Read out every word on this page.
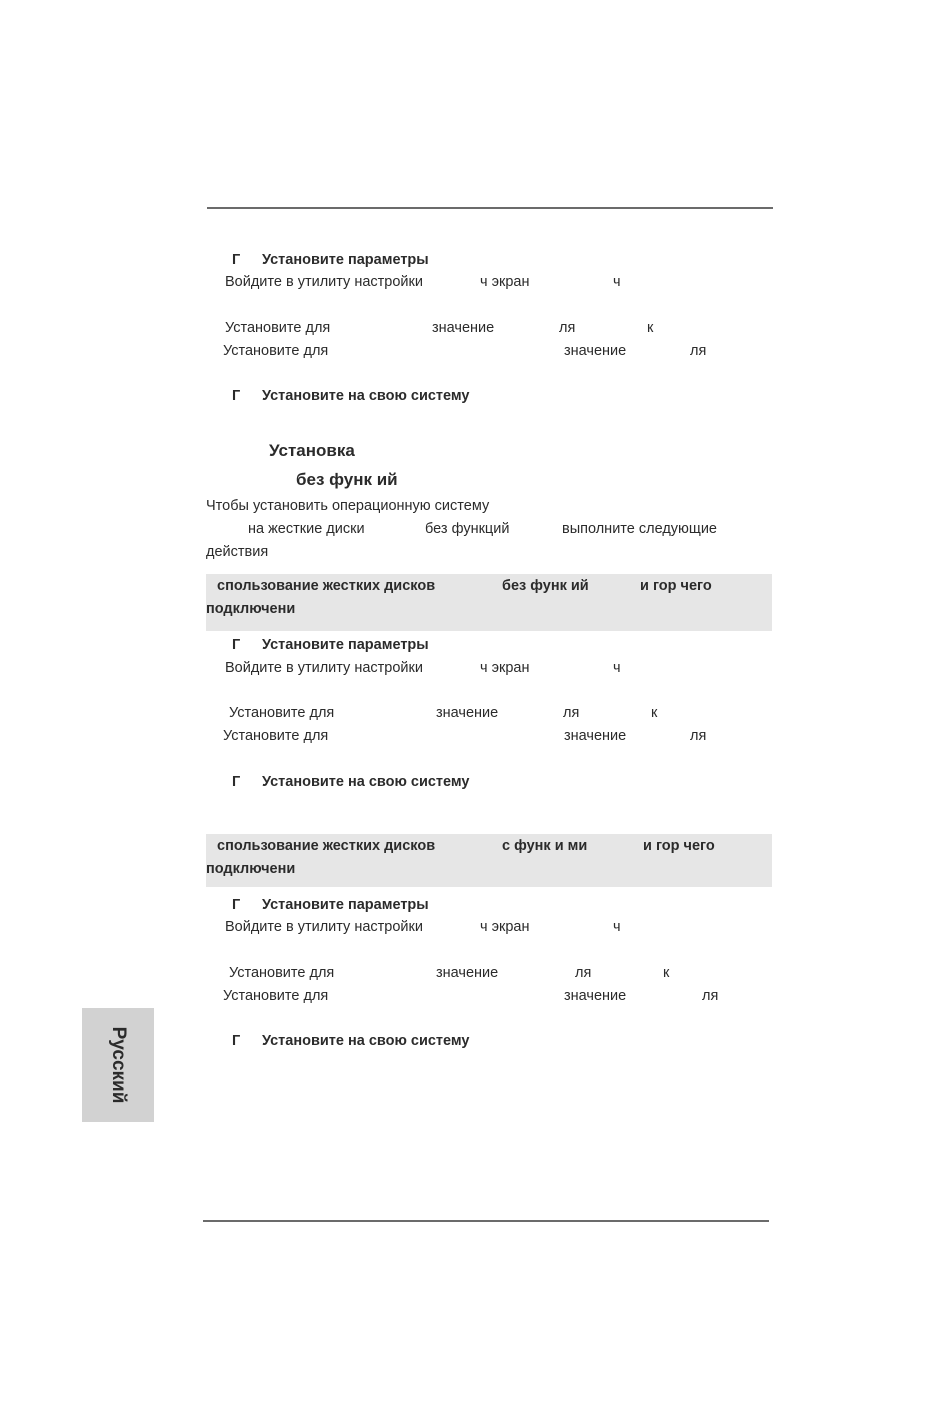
Г Установите параметры
Войдите в утилиту настройки	ч экран	ч
Установите для	значение	ля	к
Установите для	значение	ля
Г Установите на свою систему
Установка
без функ ий
Чтобы установить операционную систему
на жесткие диски	без функций	выполните следующие
действия
спользование жестких дисков	без функ ий	и гор чего
подключени
Г Установите параметры
Войдите в утилиту настройки	ч экран	ч
Установите для	значение	ля	к
Установите для	значение	ля
Г Установите на свою систему
спользование жестких дисков	с функ и ми	и гор чего
подключени
Г Установите параметры
Войдите в утилиту настройки	ч экран	ч
Установите для	значение	ля	к
Установите для	значение	ля
Г Установите на свою систему
Русский
